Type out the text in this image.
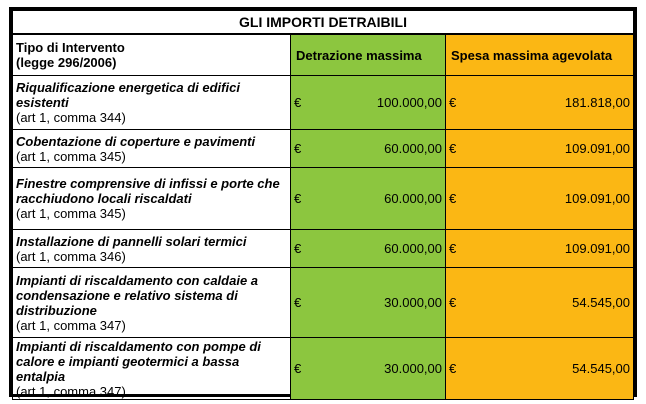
GLI IMPORTI DETRAIBILI		

Tipo di Intervento
(legge 296/2006)	Detrazione massima	Spesa massima agevolata

Riqualificazione energetica di edifici esistenti
(art 1, comma 344)	€ 100.000,00	€ 181.818,00

Cobentazione di coperture e pavimenti
(art 1, comma 345)	€ 60.000,00	€ 109.091,00

Finestre comprensive di infissi e porte che racchiudono locali riscaldati
(art 1, comma 345)	€ 60.000,00	€ 109.091,00

Installazione di pannelli solari termici
(art 1, comma 346)	€ 60.000,00	€ 109.091,00

Impianti di riscaldamento con caldaie a condensazione e relativo sistema di distribuzione
(art 1, comma 347)	€ 30.000,00	€ 54.545,00

Impianti di riscaldamento con pompe di calore e impianti geotermici a bassa entalpia
(art 1, comma 347)	€ 30.000,00	€ 54.545,00
